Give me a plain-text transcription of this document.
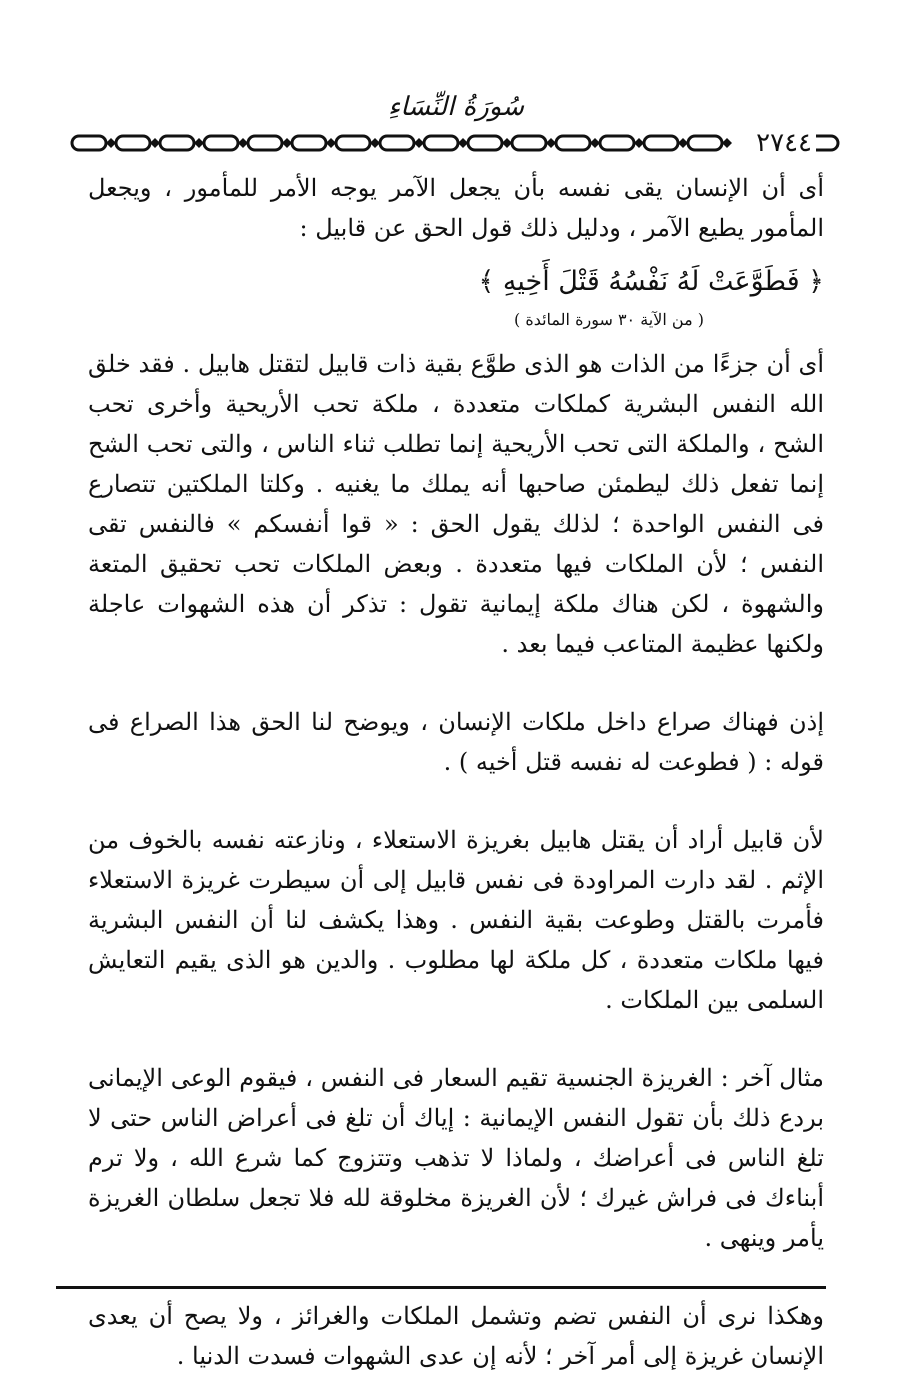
سُورَةُ النِّسَاءِ
٢٧٤٤

أى أن الإنسان يقى نفسه بأن يجعل الآمر يوجه الأمر للمأمور ، ويجعل المأمور يطيع الآمر ، ودليل ذلك قول الحق عن قابيل :

﴿ فَطَوَّعَتْ لَهُ نَفْسُهُ قَتْلَ أَخِيهِ ﴾

( من الآية ٣٠ سورة المائدة )

أى أن جزءًا من الذات هو الذى طوَّع بقية ذات قابيل لتقتل هابيل . فقد خلق الله النفس البشرية كملكات متعددة ، ملكة تحب الأريحية وأخرى تحب الشح ، والملكة التى تحب الأريحية إنما تطلب ثناء الناس ، والتى تحب الشح إنما تفعل ذلك ليطمئن صاحبها أنه يملك ما يغنيه . وكلتا الملكتين تتصارع فى النفس الواحدة ؛ لذلك يقول الحق : « قوا أنفسكم » فالنفس تقى النفس ؛ لأن الملكات فيها متعددة . وبعض الملكات تحب تحقيق المتعة والشهوة ، لكن هناك ملكة إيمانية تقول : تذكر أن هذه الشهوات عاجلة ولكنها عظيمة المتاعب فيما بعد .

إذن فهناك صراع داخل ملكات الإنسان ، ويوضح لنا الحق هذا الصراع فى قوله : ( فطوعت له نفسه قتل أخيه ) .

لأن قابيل أراد أن يقتل هابيل بغريزة الاستعلاء ، ونازعته نفسه بالخوف من الإثم . لقد دارت المراودة فى نفس قابيل إلى أن سيطرت غريزة الاستعلاء فأمرت بالقتل وطوعت بقية النفس . وهذا يكشف لنا أن النفس البشرية فيها ملكات متعددة ، كل ملكة لها مطلوب . والدين هو الذى يقيم التعايش السلمى بين الملكات .

مثال آخر : الغريزة الجنسية تقيم السعار فى النفس ، فيقوم الوعى الإيمانى بردع ذلك بأن تقول النفس الإيمانية : إياك أن تلغ فى أعراض الناس حتى لا تلغ الناس فى أعراضك ، ولماذا لا تذهب وتتزوج كما شرع الله ، ولا ترم أبناءك فى فراش غيرك ؛ لأن الغريزة مخلوقة لله فلا تجعل سلطان الغريزة يأمر وينهى .

وهكذا نرى أن النفس تضم وتشمل الملكات والغرائز ، ولا يصح أن يعدى الإنسان غريزة إلى أمر آخر ؛ لأنه إن عدى الشهوات فسدت الدنيا .
